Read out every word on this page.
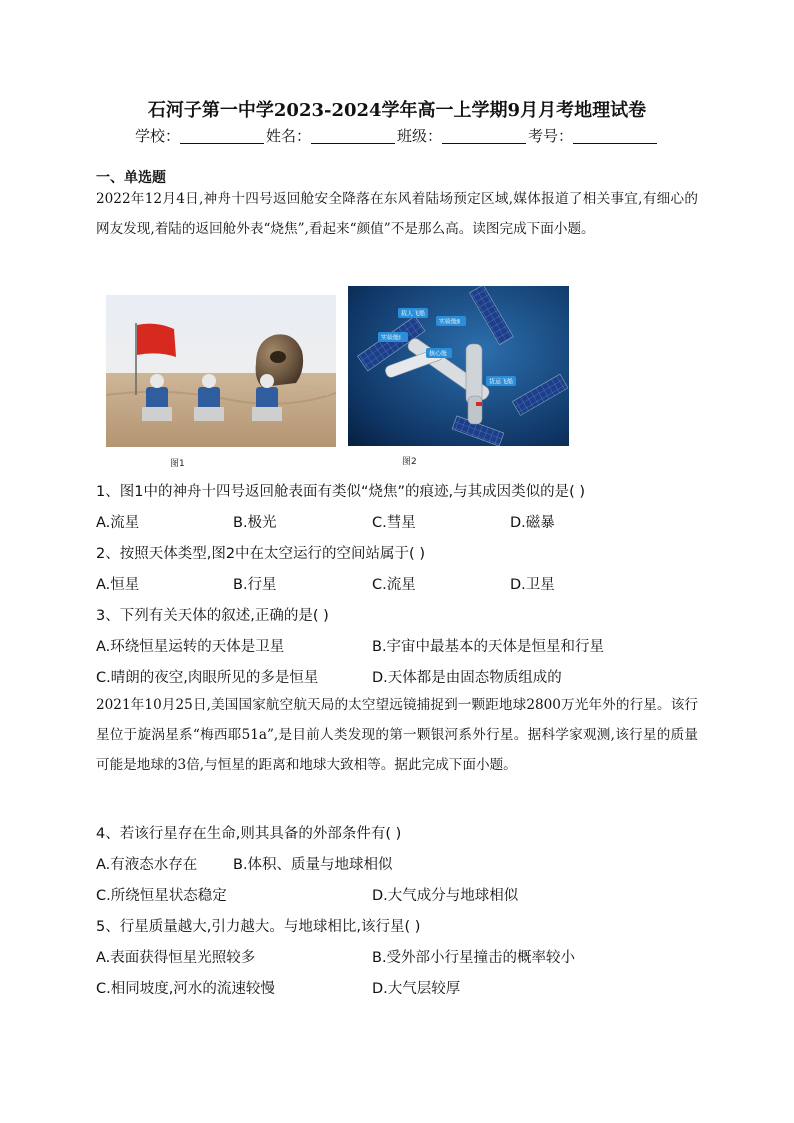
石河子第一中学2023-2024学年高一上学期9月月考地理试卷
学校：	姓名：	班级：	考号：
一、单选题
2022年12月4日,神舟十四号返回舱安全降落在东风着陆场预定区域,媒体报道了相关事宜,有细心的网友发现,着陆的返回舱外表“烧焦”,看起来“颜值”不是那么高。读图完成下面小题。
图1
载人飞船
实验舱Ⅱ
实验舱Ⅰ
核心舱
货运飞船
图2
1、图1中的神舟十四号返回舱表面有类似“烧焦”的痕迹,与其成因类似的是( )
A.流星	B.极光	C.彗星	D.磁暴
2、按照天体类型,图2中在太空运行的空间站属于( )
A.恒星	B.行星	C.流星	D.卫星
3、下列有关天体的叙述,正确的是( )
A.环绕恒星运转的天体是卫星	B.宇宙中最基本的天体是恒星和行星
C.晴朗的夜空,肉眼所见的多是恒星	D.天体都是由固态物质组成的
2021年10月25日,美国国家航空航天局的太空望远镜捕捉到一颗距地球2800万光年外的行星。该行星位于旋涡星系“梅西耶51a”,是目前人类发现的第一颗银河系外行星。据科学家观测,该行星的质量可能是地球的3倍,与恒星的距离和地球大致相等。据此完成下面小题。
4、若该行星存在生命,则其具备的外部条件有( )
A.有液态水存在 B.体积、质量与地球相似
C.所绕恒星状态稳定	D.大气成分与地球相似
5、行星质量越大,引力越大。与地球相比,该行星( )
A.表面获得恒星光照较多	B.受外部小行星撞击的概率较小
C.相同坡度,河水的流速较慢	D.大气层较厚
